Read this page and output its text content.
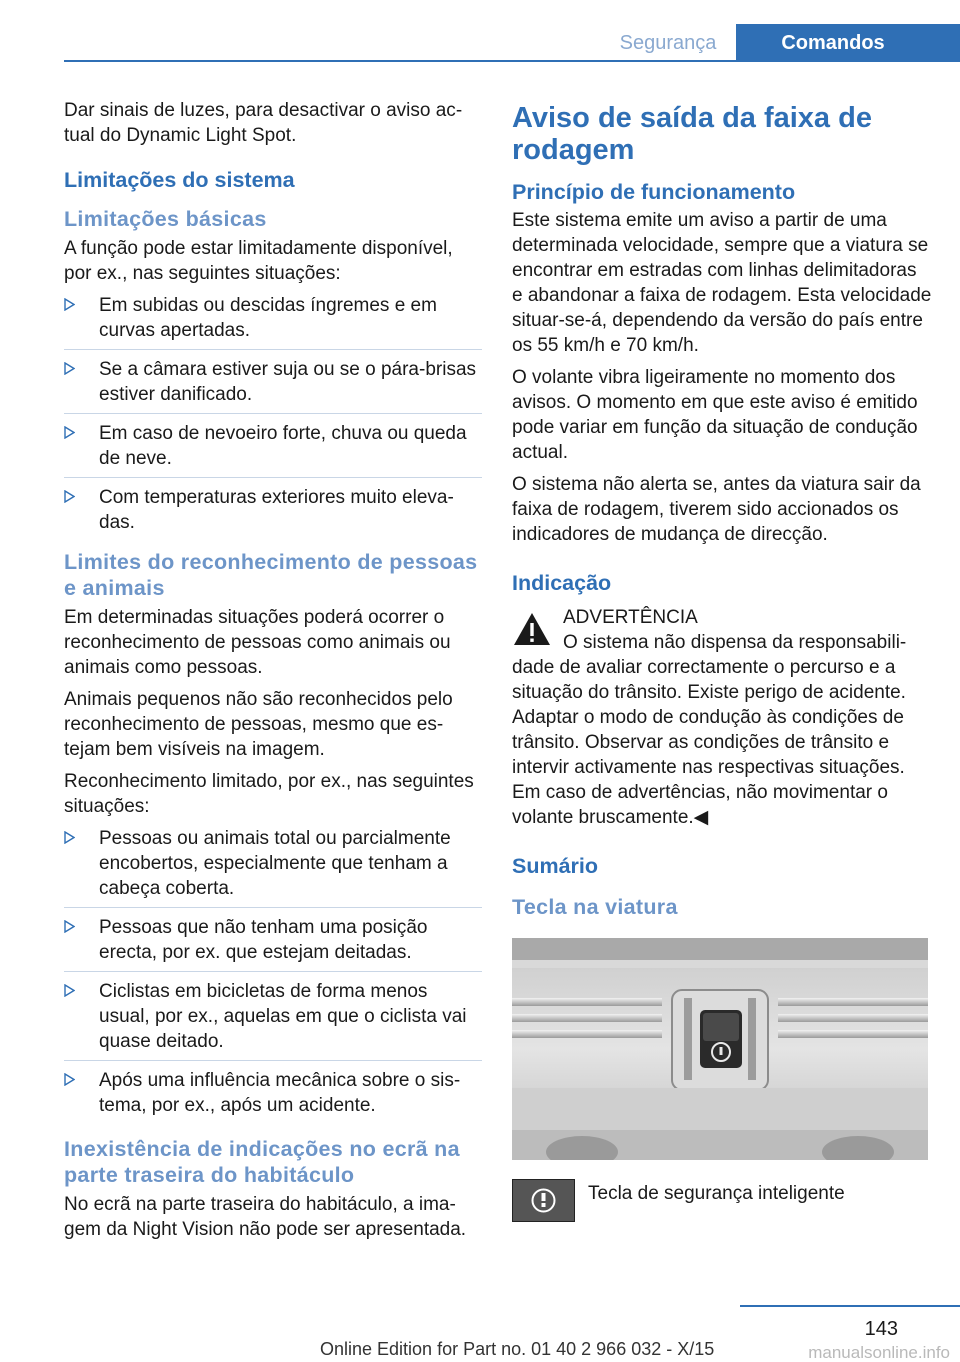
Segurança	Comandos

Dar sinais de luzes, para desactivar o aviso actual do Dynamic Light Spot.

Limitações do sistema
Limitações básicas

A função pode estar limitadamente disponível, por ex., nas seguintes situações:

Em subidas ou descidas íngremes e em curvas apertadas.
Se a câmara estiver suja ou se o pára-brisas estiver danificado.
Em caso de nevoeiro forte, chuva ou queda de neve.
Com temperaturas exteriores muito elevadas.
Limites do reconhecimento de pessoas e animais

Em determinadas situações poderá ocorrer o reconhecimento de pessoas como animais ou animais como pessoas.

Animais pequenos não são reconhecidos pelo reconhecimento de pessoas, mesmo que estejam bem visíveis na imagem.

Reconhecimento limitado, por ex., nas seguintes situações:

Pessoas ou animais total ou parcialmente encobertos, especialmente que tenham a cabeça coberta.
Pessoas que não tenham uma posição erecta, por ex. que estejam deitadas.
Ciclistas em bicicletas de forma menos usual, por ex., aquelas em que o ciclista vai quase deitado.
Após uma influência mecânica sobre o sistema, por ex., após um acidente.
Inexistência de indicações no ecrã na parte traseira do habitáculo

No ecrã na parte traseira do habitáculo, a imagem da Night Vision não pode ser apresentada.

Aviso de saída da faixa de rodagem
Princípio de funcionamento

Este sistema emite um aviso a partir de uma determinada velocidade, sempre que a viatura se encontrar em estradas com linhas delimitadoras e abandonar a faixa de rodagem. Esta velocidade situar-se-á, dependendo da versão do país entre os 55 km/h e 70 km/h.

O volante vibra ligeiramente no momento dos avisos. O momento em que este aviso é emitido pode variar em função da situação de condução actual.

O sistema não alerta se, antes da viatura sair da faixa de rodagem, tiverem sido accionados os indicadores de mudança de direcção.

Indicação
ADVERTÊNCIA
O sistema não dispensa da responsabilidade de avaliar correctamente o percurso e a situação do trânsito. Existe perigo de acidente. Adaptar o modo de condução às condições de trânsito. Observar as condições de trânsito e intervir activamente nas respectivas situações. Em caso de advertências, não movimentar o volante bruscamente.◀
Sumário
Tecla na viatura
Tecla de segurança inteligente
143
Online Edition for Part no. 01 40 2 966 032 - X/15	manualsonline.info
